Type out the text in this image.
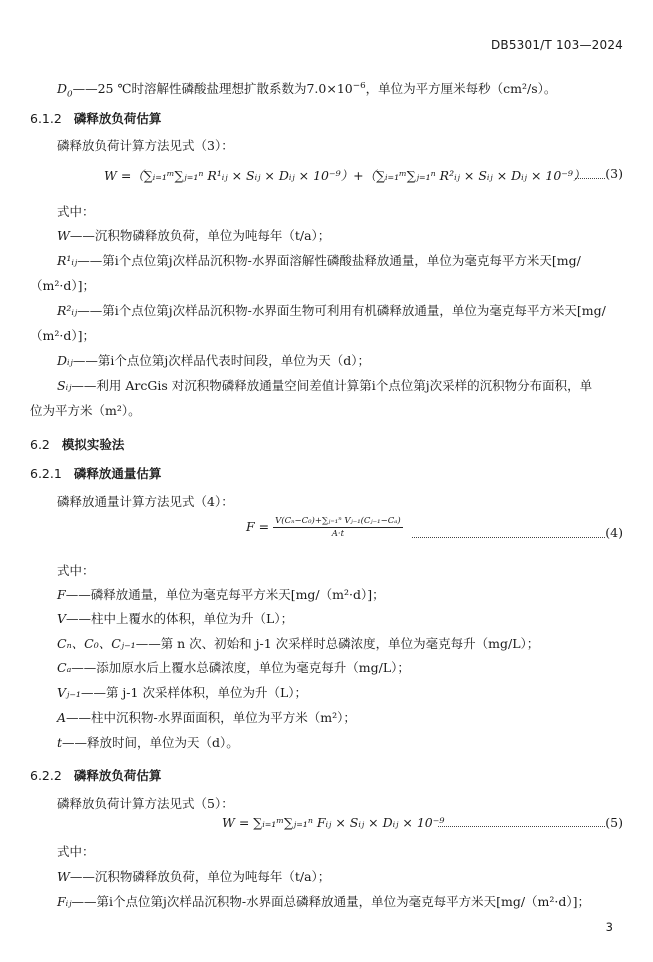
DB5301/T 103—2024
$D_0——25$ ℃时溶解性磷酸盐理想扩散系数为$7.0\times 10^{-6}$，单位为平方厘米每秒（cm²/s）。
6.1.2 磷释放负荷估算
磷释放负荷计算方法见式（3）：
W =（∑ᵢ₌₁ᵐ∑ⱼ₌₁ⁿ R¹ᵢⱼ × Sᵢⱼ × Dᵢⱼ × 10⁻⁹）+（∑ᵢ₌₁ᵐ∑ⱼ₌₁ⁿ R²ᵢⱼ × Sᵢⱼ × Dᵢⱼ × 10⁻⁹） (3)
式中：
W——沉积物磷释放负荷，单位为吨每年（t/a）；
R¹ᵢⱼ——第i个点位第j次样品沉积物-水界面溶解性磷酸盐释放通量，单位为毫克每平方米天[mg/
（m²·d）]；
R²ᵢⱼ——第i个点位第j次样品沉积物-水界面生物可利用有机磷释放通量，单位为毫克每平方米天[mg/
（m²·d）]；
Dᵢⱼ——第i个点位第j次样品代表时间段，单位为天（d）；
Sᵢⱼ——利用 ArcGis 对沉积物磷释放通量空间差值计算第i个点位第j次采样的沉积物分布面积，单
位为平方米（m²）。
6.2 模拟实验法
6.2.1 磷释放通量估算
磷释放通量计算方法见式（4）：
$F = \frac{\text{V(Cₙ−C₀)+∑ⱼ₌₁ⁿ Vⱼ₋₁(Cⱼ₋₁−Cₐ)}}{A\cdot t}$	(4)
式中：
F——磷释放通量，单位为毫克每平方米天[mg/（m²·d）]；
V——柱中上覆水的体积，单位为升（L）；
Cₙ、C₀、Cⱼ₋₁——第 n 次、初始和 j-1 次采样时总磷浓度，单位为毫克每升（mg/L）；
Cₐ——添加原水后上覆水总磷浓度，单位为毫克每升（mg/L）；
Vⱼ₋₁——第 j-1 次采样体积，单位为升（L）；
A——柱中沉积物-水界面面积，单位为平方米（m²）；
t——释放时间，单位为天（d）。
6.2.2 磷释放负荷估算
磷释放负荷计算方法见式（5）：
W = ∑ᵢ₌₁ᵐ∑ⱼ₌₁ⁿ Fᵢⱼ × Sᵢⱼ × Dᵢⱼ × 10⁻⁹	(5)
式中：
W——沉积物磷释放负荷，单位为吨每年（t/a）；
Fᵢⱼ——第i个点位第j次样品沉积物-水界面总磷释放通量，单位为毫克每平方米天[mg/（m²·d）]；
3
